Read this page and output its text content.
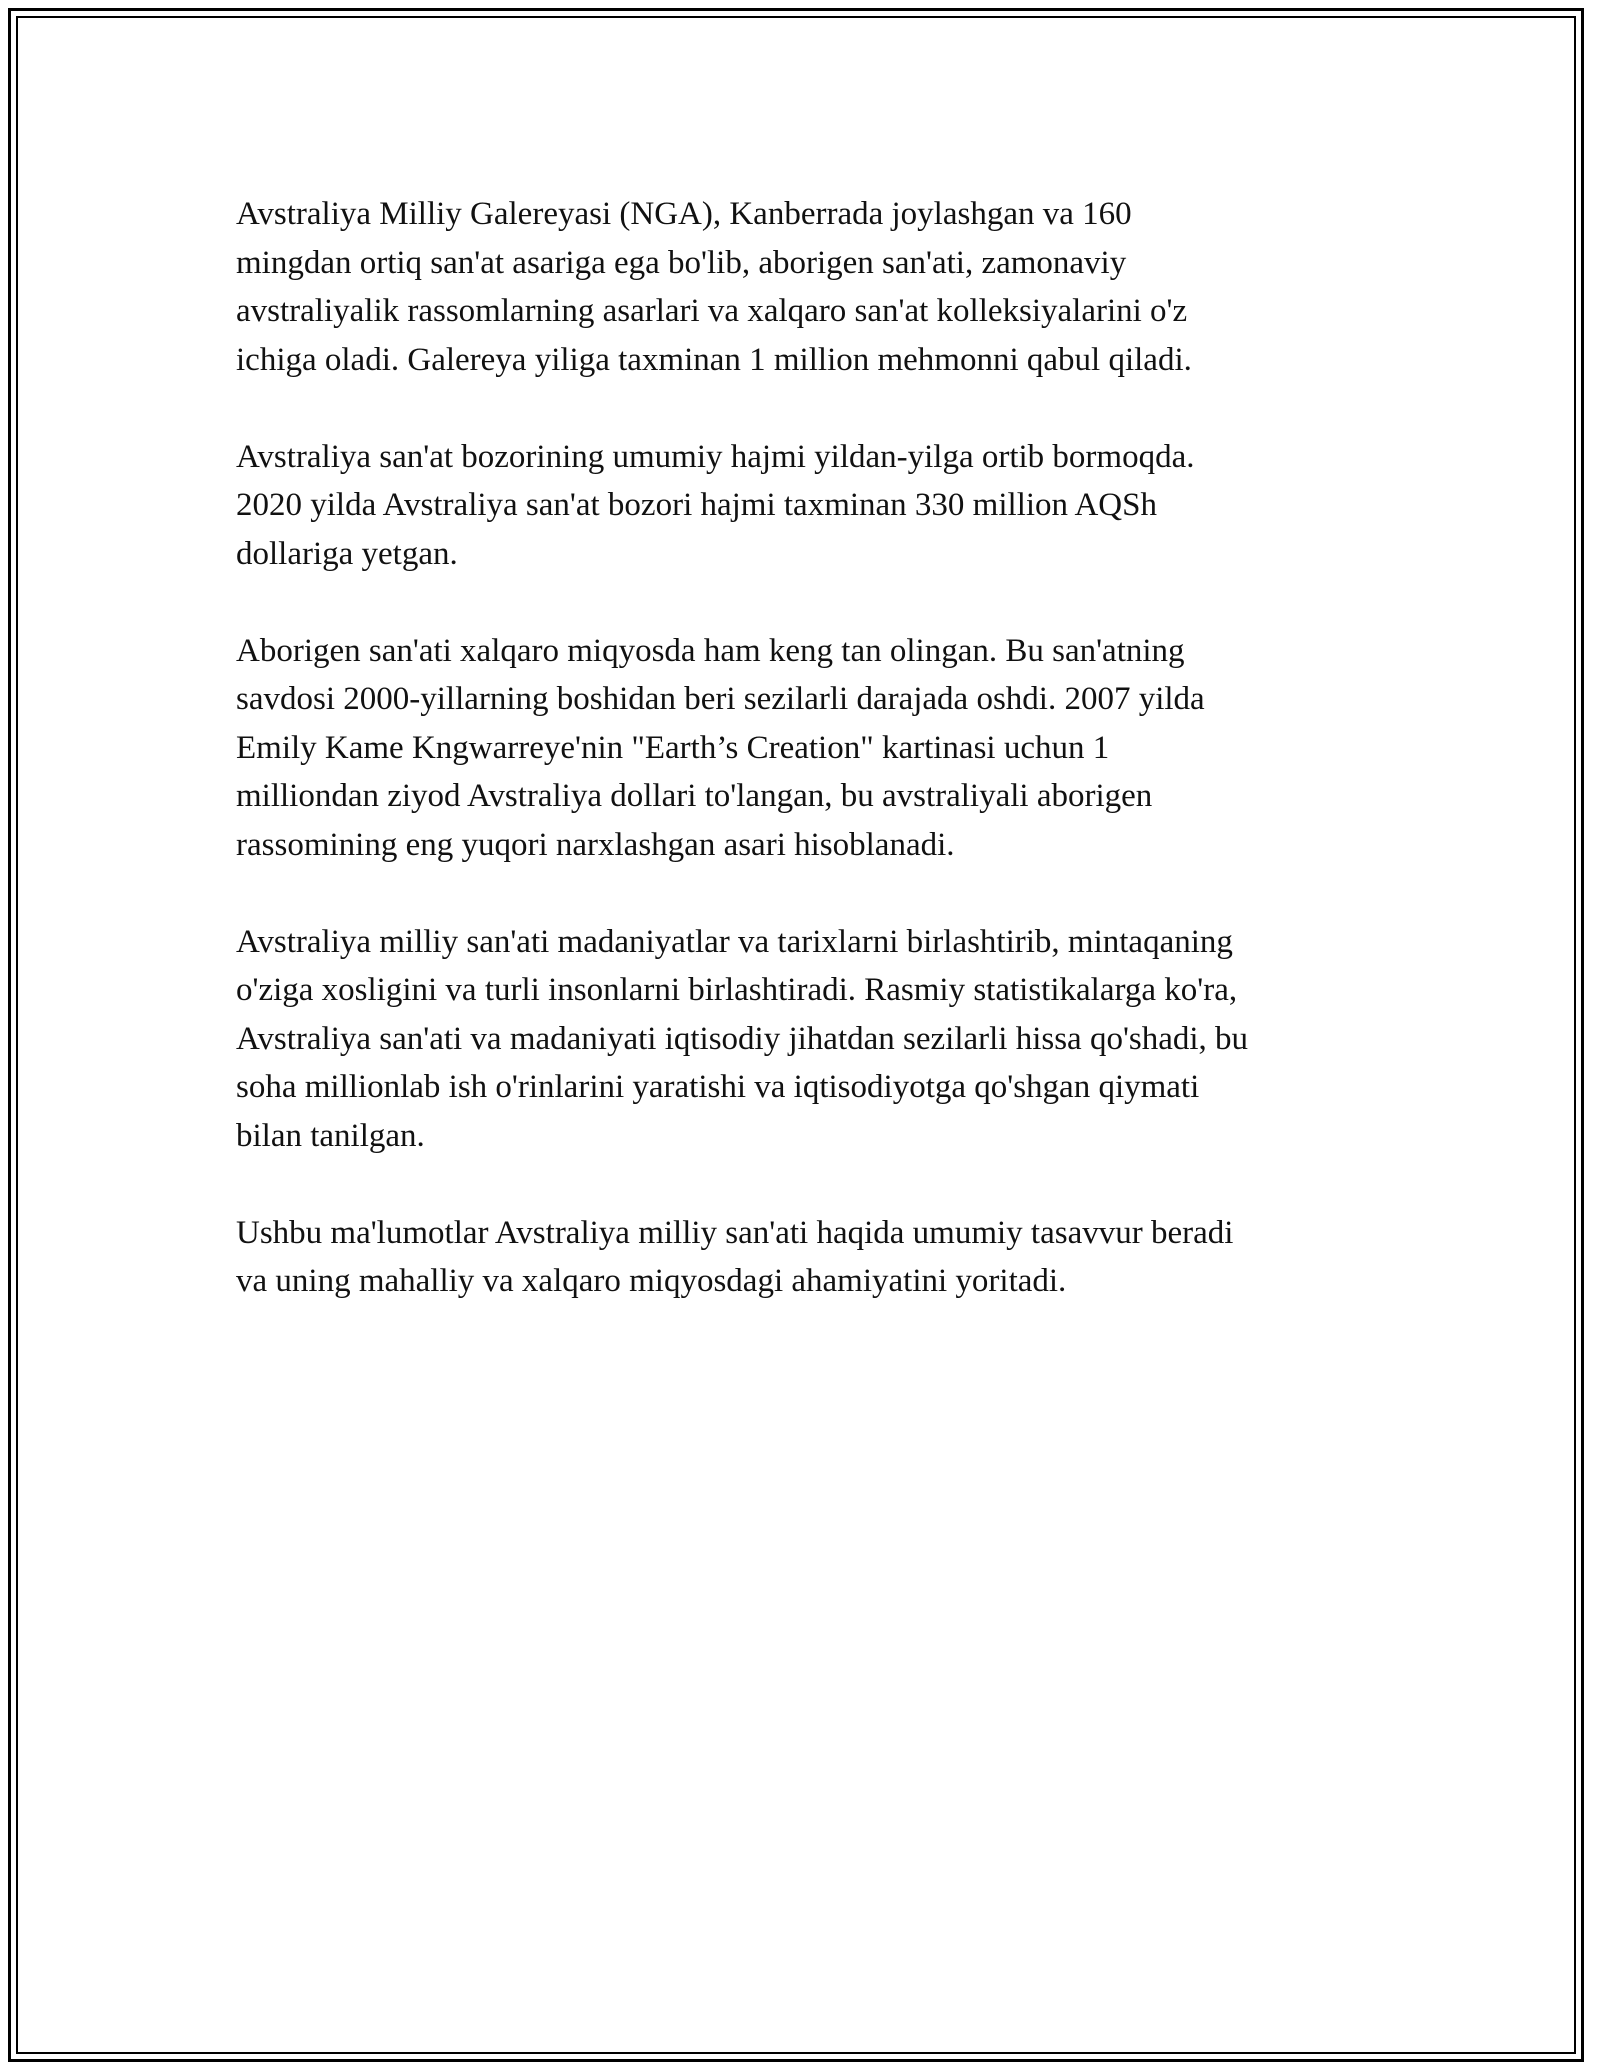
Avstraliya Milliy Galereyasi (NGA), Kanberrada joylashgan va 160
mingdan ortiq san'at asariga ega bo'lib, aborigen san'ati, zamonaviy
avstraliyalik rassomlarning asarlari va xalqaro san'at kolleksiyalarini o'z
ichiga oladi. Galereya yiliga taxminan 1 million mehmonni qabul qiladi.

Avstraliya san'at bozorining umumiy hajmi yildan-yilga ortib bormoqda.
2020 yilda Avstraliya san'at bozori hajmi taxminan 330 million AQSh
dollariga yetgan.

Aborigen san'ati xalqaro miqyosda ham keng tan olingan. Bu san'atning
savdosi 2000-yillarning boshidan beri sezilarli darajada oshdi. 2007 yilda
Emily Kame Kngwarreye'nin "Earth’s Creation" kartinasi uchun 1
milliondan ziyod Avstraliya dollari to'langan, bu avstraliyali aborigen
rassomining eng yuqori narxlashgan asari hisoblanadi.

Avstraliya milliy san'ati madaniyatlar va tarixlarni birlashtirib, mintaqaning
o'ziga xosligini va turli insonlarni birlashtiradi. Rasmiy statistikalarga ko'ra,
Avstraliya san'ati va madaniyati iqtisodiy jihatdan sezilarli hissa qo'shadi, bu
soha millionlab ish o'rinlarini yaratishi va iqtisodiyotga qo'shgan qiymati
bilan tanilgan.

Ushbu ma'lumotlar Avstraliya milliy san'ati haqida umumiy tasavvur beradi
va uning mahalliy va xalqaro miqyosdagi ahamiyatini yoritadi.
